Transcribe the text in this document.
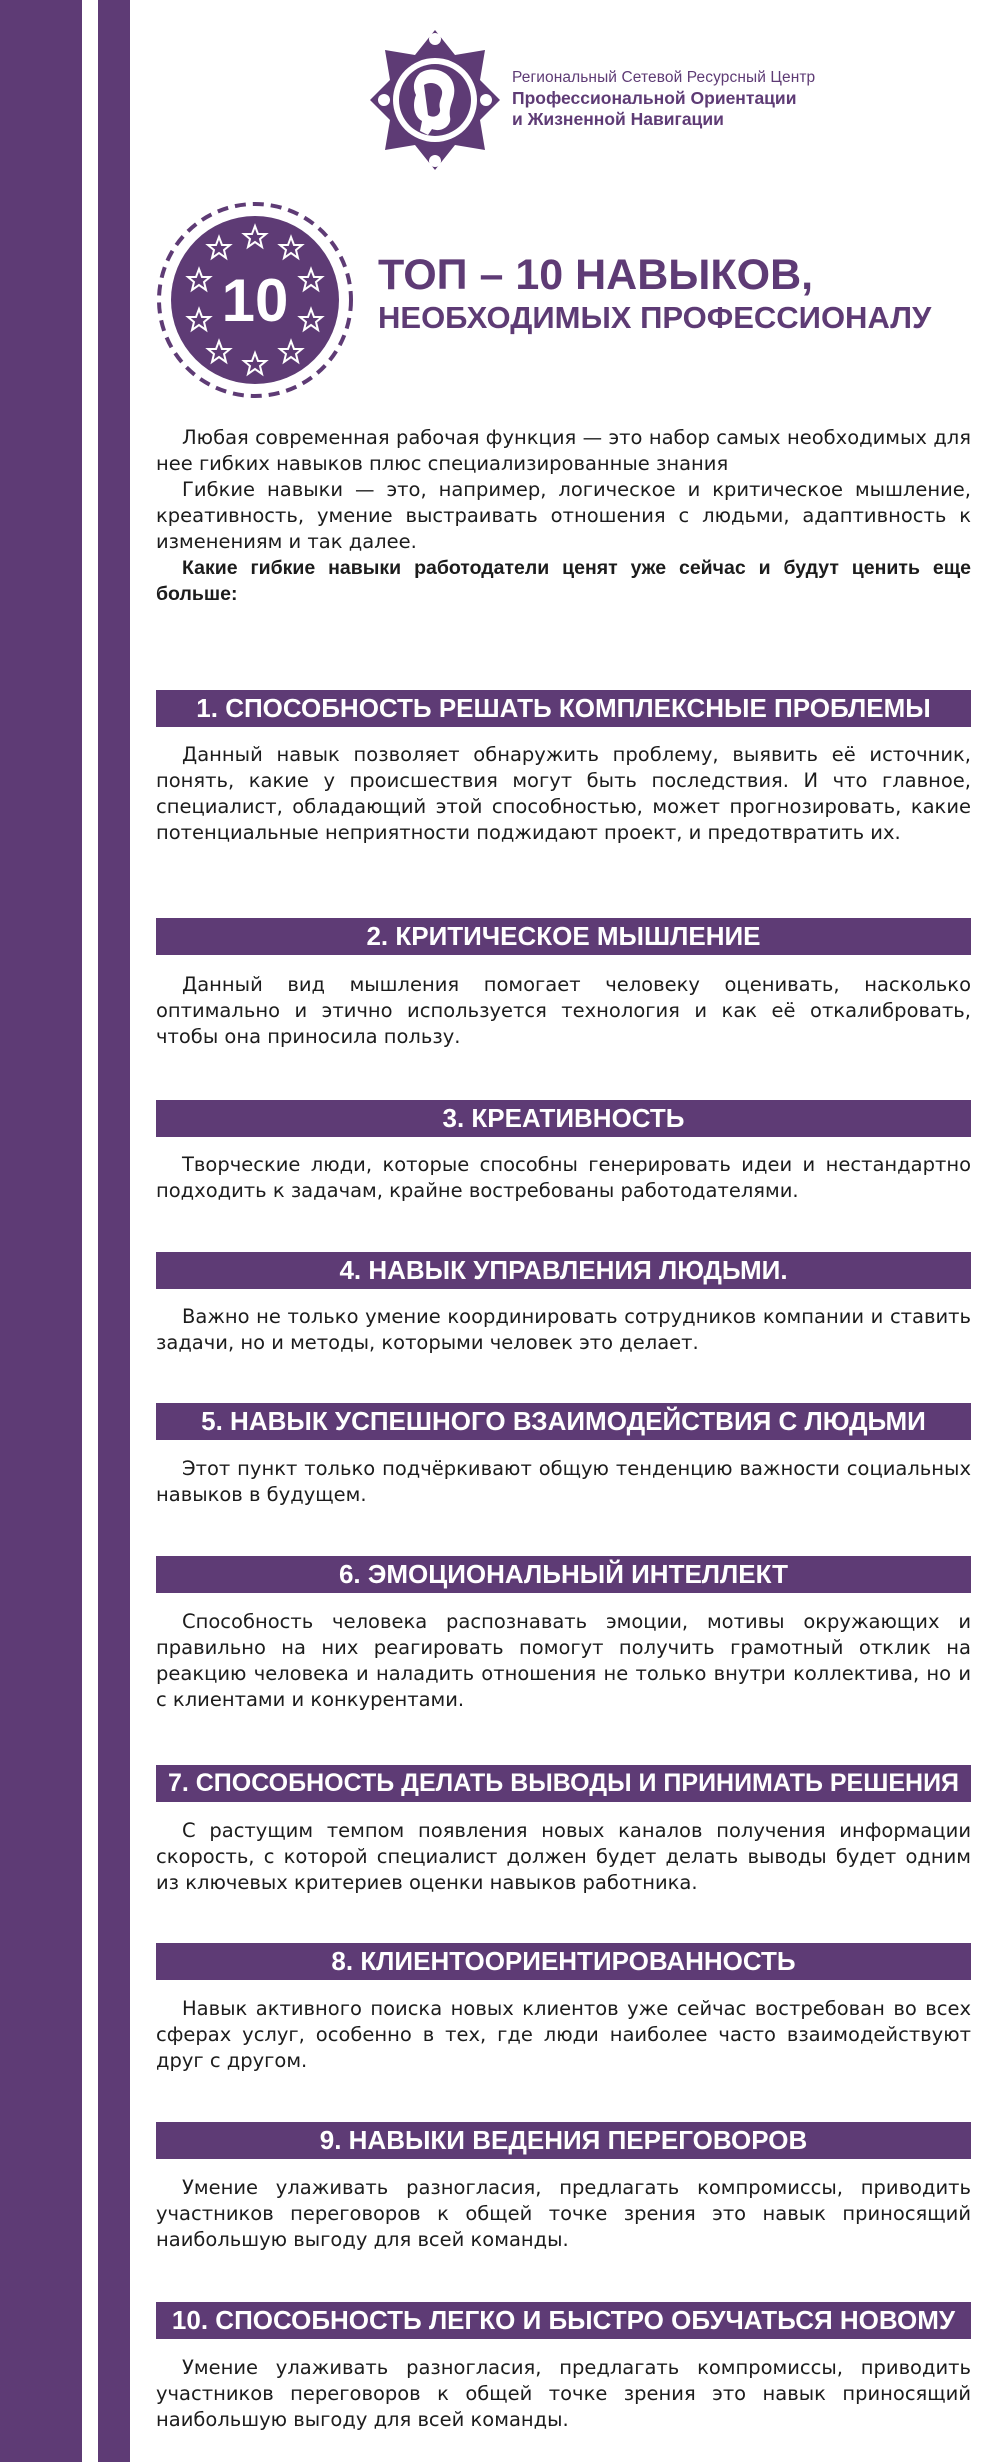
Региональный Сетевой Ресурсный Центр
Профессиональной Ориентации
и Жизненной Навигации
10 ТОП – 10 НАВЫКОВ,
НЕОБХОДИМЫХ ПРОФЕССИОНАЛУ

Любая современная рабочая функция — это набор самых необходимых для нее гибких навыков плюс специализированные знания

Гибкие навыки — это, например, логическое и критическое мышление, креативность, умение выстраивать отношения с людьми, адаптивность к изменениям и так далее.

Какие гибкие навыки работодатели ценят уже сейчас и будут ценить еще больше:

1. СПОСОБНОСТЬ РЕШАТЬ КОМПЛЕКСНЫЕ ПРОБЛЕМЫ

Данный навык позволяет обнаружить проблему, выявить её источник, понять, какие у происшествия могут быть последствия. И что главное, специалист, обладающий этой способностью, может прогнозировать, какие потенциальные неприятности поджидают проект, и предотвратить их.

2. КРИТИЧЕСКОЕ МЫШЛЕНИЕ

Данный вид мышления помогает человеку оценивать, насколько оптимально и этично используется технология и как её откалибровать, чтобы она приносила пользу.

3. КРЕАТИВНОСТЬ

Творческие люди, которые способны генерировать идеи и нестандартно подходить к задачам, крайне востребованы работодателями.

4. НАВЫК УПРАВЛЕНИЯ ЛЮДЬМИ.

Важно не только умение координировать сотрудников компании и ставить задачи, но и методы, которыми человек это делает.

5. НАВЫК УСПЕШНОГО ВЗАИМОДЕЙСТВИЯ С ЛЮДЬМИ

Этот пункт только подчёркивают общую тенденцию важности социальных навыков в будущем.

6. ЭМОЦИОНАЛЬНЫЙ ИНТЕЛЛЕКТ

Способность человека распознавать эмоции, мотивы окружающих и правильно на них реагировать помогут получить грамотный отклик на реакцию человека и наладить отношения не только внутри коллектива, но и с клиентами и конкурентами.

7. СПОСОБНОСТЬ ДЕЛАТЬ ВЫВОДЫ И ПРИНИМАТЬ РЕШЕНИЯ

С растущим темпом появления новых каналов получения информации скорость, с которой специалист должен будет делать выводы будет одним из ключевых критериев оценки навыков работника.

8. КЛИЕНТООРИЕНТИРОВАННОСТЬ

Навык активного поиска новых клиентов уже сейчас востребован во всех сферах услуг, особенно в тех, где люди наиболее часто взаимодействуют друг с другом.

9. НАВЫКИ ВЕДЕНИЯ ПЕРЕГОВОРОВ

Умение улаживать разногласия, предлагать компромиссы, приводить участников переговоров к общей точке зрения это навык приносящий наибольшую выгоду для всей команды.

10. СПОСОБНОСТЬ ЛЕГКО И БЫСТРО ОБУЧАТЬСЯ НОВОМУ

Умение улаживать разногласия, предлагать компромиссы, приводить участников переговоров к общей точке зрения это навык приносящий наибольшую выгоду для всей команды.
